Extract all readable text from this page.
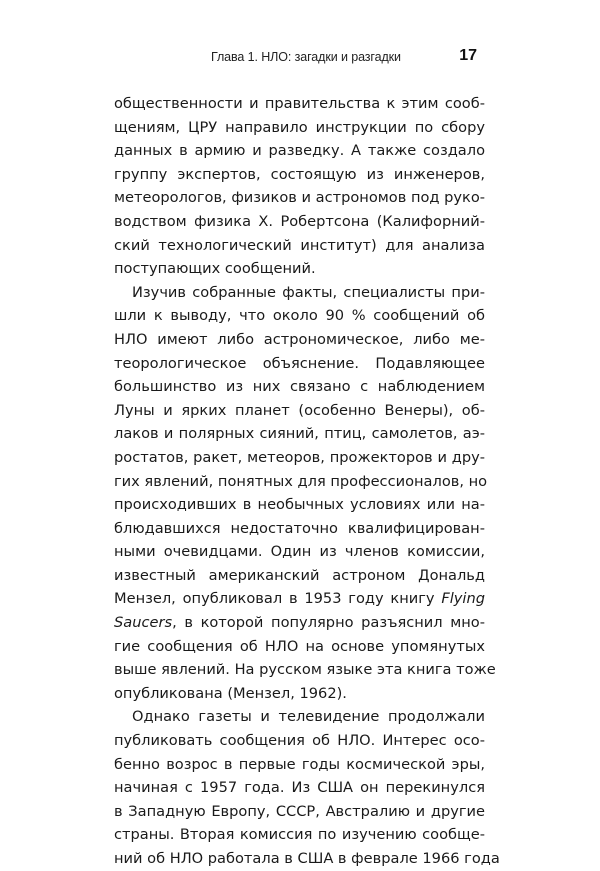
Глава 1. НЛО: загадки и разгадки	17
общественности и правительства к этим сооб-
щениям, ЦРУ направило инструкции по сбору
данных в армию и разведку. А также создало
группу экспертов, состоящую из инженеров,
метеорологов, физиков и астрономов под руко-
водством физика Х. Робертсона (Калифорний-
ский технологический институт) для анализа
поступающих сообщений.
Изучив собранные факты, специалисты при-
шли к выводу, что около 90 % сообщений об
НЛО имеют либо астрономическое, либо ме-
теорологическое объяснение. Подавляющее
большинство из них связано с наблюдением
Луны и ярких планет (особенно Венеры), об-
лаков и полярных сияний, птиц, самолетов, аэ-
ростатов, ракет, метеоров, прожекторов и дру-
гих явлений, понятных для профессионалов, но
происходивших в необычных условиях или на-
блюдавшихся недостаточно квалифицирован-
ными очевидцами. Один из членов комиссии,
известный американский астроном Дональд
Мензел, опубликовал в 1953 году книгу Flying
Saucers, в которой популярно разъяснил мно-
гие сообщения об НЛО на основе упомянутых
выше явлений. На русском языке эта книга тоже
опубликована (Мензел, 1962).
Однако газеты и телевидение продолжали
публиковать сообщения об НЛО. Интерес осо-
бенно возрос в первые годы космической эры,
начиная с 1957 года. Из США он перекинулся
в Западную Европу, СССР, Австралию и другие
страны. Вторая комиссия по изучению сообще-
ний об НЛО работала в США в феврале 1966 года
